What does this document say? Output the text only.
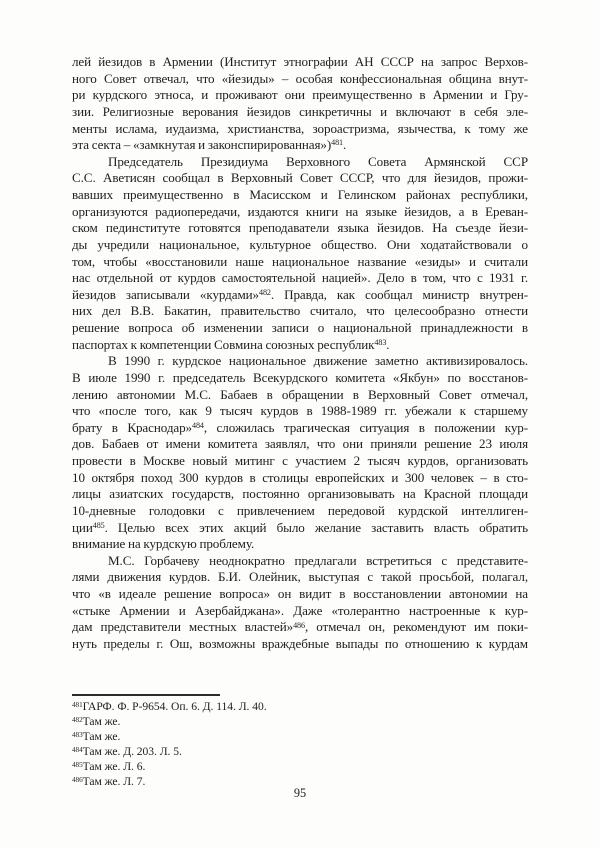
лей йезидов в Армении (Институт этнографии АН СССР на запрос Верхов-
ного Совет отвечал, что «йезиды» – особая конфессиональная община внут-
ри курдского этноса, и проживают они преимущественно в Армении и Гру-
зии. Религиозные верования йезидов синкретичны и включают в себя эле-
менты ислама, иудаизма, христианства, зороастризма, язычества, к тому же
эта секта – «замкнутая и законспирированная»)$^{481}$.
Председатель Президиума Верховного Совета Армянской ССР
С.С. Аветисян сообщал в Верховный Совет СССР, что для йезидов, прожи-
вавших преимущественно в Масисском и Гелинском районах республики,
организуются радиопередачи, издаются книги на языке йезидов, а в Ереван-
ском пединституте готовятся преподаватели языка йезидов. На съезде йези-
ды учредили национальное, культурное общество. Они ходатайствовали о
том, чтобы «восстановили наше национальное название «езиды» и считали
нас отдельной от курдов самостоятельной нацией». Дело в том, что с 1931 г.
йезидов записывали «курдами»$^{482}$. Правда, как сообщал министр внутрен-
них дел В.В. Бакатин, правительство считало, что целесообразно отнести
решение вопроса об изменении записи о национальной принадлежности в
паспортах к компетенции Совмина союзных республик$^{483}$.
В 1990 г. курдское национальное движение заметно активизировалось.
В июле 1990 г. председатель Всекурдского комитета «Якбун» по восстанов-
лению автономии М.С. Бабаев в обращении в Верховный Совет отмечал,
что «после того, как 9 тысяч курдов в 1988-1989 гг. убежали к старшему
брату в Краснодар»$^{484}$, сложилась трагическая ситуация в положении кур-
дов. Бабаев от имени комитета заявлял, что они приняли решение 23 июля
провести в Москве новый митинг с участием 2 тысяч курдов, организовать
10 октября поход 300 курдов в столицы европейских и 300 человек – в сто-
лицы азиатских государств, постоянно организовывать на Красной площади
10-дневные голодовки с привлечением передовой курдской интеллиген-
ции$^{485}$. Целью всех этих акций было желание заставить власть обратить
внимание на курдскую проблему.
М.С. Горбачеву неоднократно предлагали встретиться с представите-
лями движения курдов. Б.И. Олейник, выступая с такой просьбой, полагал,
что «в идеале решение вопроса» он видит в восстановлении автономии на
«стыке Армении и Азербайджана». Даже «толерантно настроенные к кур-
дам представители местных властей»$^{486}$, отмечал он, рекомендуют им поки-
нуть пределы г. Ош, возможны враждебные выпады по отношению к курдам
$^{481}$ГАРФ. Ф. Р-9654. Оп. 6. Д. 114. Л. 40.
$^{482}$Там же.
$^{483}$Там же.
$^{484}$Там же. Д. 203. Л. 5.
$^{485}$Там же. Л. 6.
$^{486}$Там же. Л. 7.
95
